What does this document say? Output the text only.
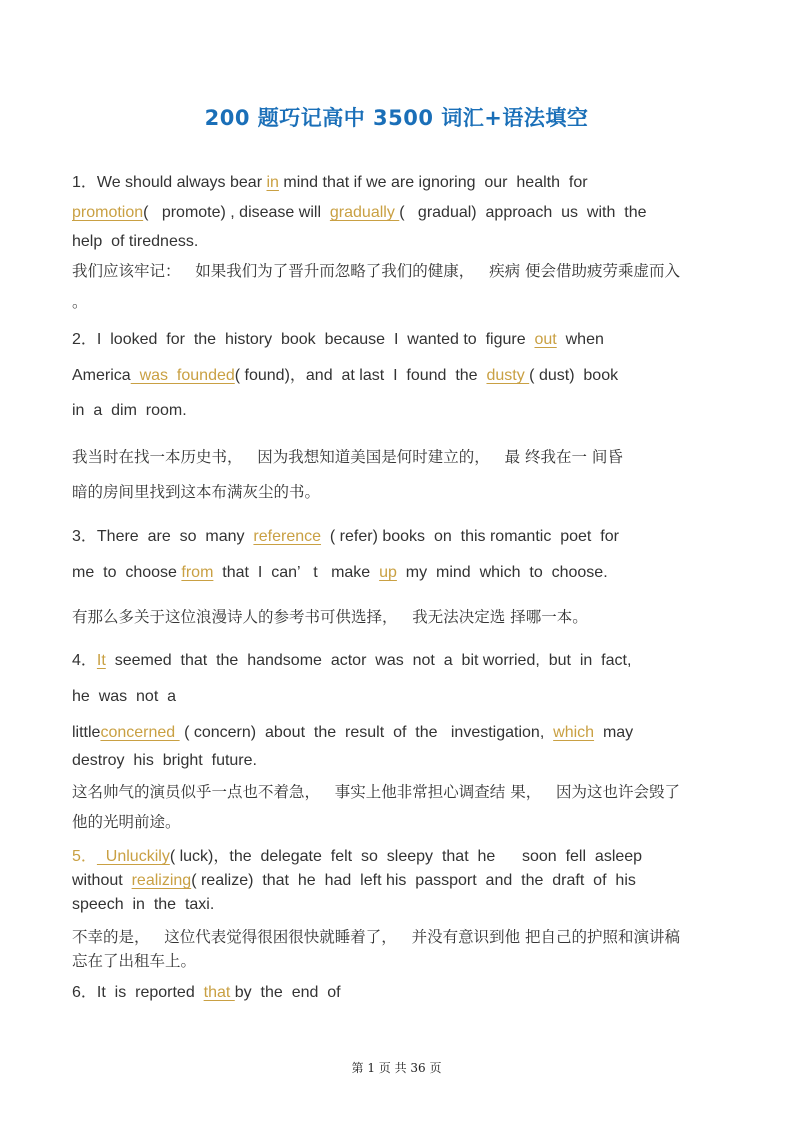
200 题巧记高中 3500 词汇+语法填空
1．We should always bear in mind that if we are ignoring  our  health  for
promotion(   promote) , disease will  gradually (   gradual)  approach  us  with  the
help  of tiredness.
我们应该牢记：   如果我们为了晋升而忽略了我们的健康，   疾病 便会借助疲劳乘虚而入
。
2．I  looked  for  the  history  book  because  I  wanted to  figure  out  when
America  was  founded( found)，and  at last  I  found  the  dusty ( dust)  book
in  a  dim  room.
我当时在找一本历史书，   因为我想知道美国是何时建立的，   最 终我在一 间昏
暗的房间里找到这本布满灰尘的书。
3．There  are  so  many  reference  ( refer) books  on  this romantic  poet  for
me  to  choose from  that  I  can’   t   make  up  my  mind  which  to  choose.
有那么多关于这位浪漫诗人的参考书可供选择，   我无法决定选 择哪一本。
4．It  seemed  that  the  handsome  actor  was  not  a  bit worried,  but  in  fact,
he  was  not  a
littleconcerned  ( concern)  about  the  result  of  the   investigation,  which  may
destroy  his  bright  future.
这名帅气的演员似乎一点也不着急，   事实上他非常担心调查结 果，   因为这也许会毁了
他的光明前途。
5．  Unluckily( luck)，the  delegate  felt  so  sleepy  that  he      soon  fell  asleep
without  realizing( realize)  that  he  had  left his  passport  and  the  draft  of  his
speech  in  the  taxi.
不幸的是，   这位代表觉得很困很快就睡着了，   并没有意识到他 把自己的护照和演讲稿
忘在了出租车上。
6．It  is  reported  that by  the  end  of
第 1 页 共 36 页
